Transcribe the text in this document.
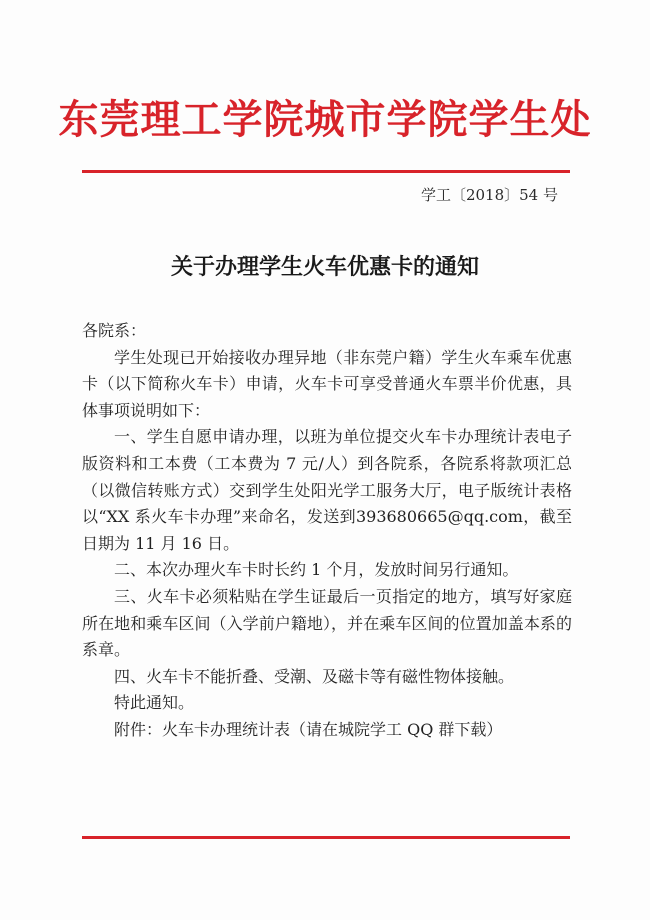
东莞理工学院城市学院学生处
学工〔2018〕54 号
关于办理学生火车优惠卡的通知

各院系：

学生处现已开始接收办理异地（非东莞户籍）学生火车乘车优惠卡（以下简称火车卡）申请，火车卡可享受普通火车票半价优惠，具体事项说明如下：

一、学生自愿申请办理，以班为单位提交火车卡办理统计表电子版资料和工本费（工本费为 7 元/人）到各院系，各院系将款项汇总（以微信转账方式）交到学生处阳光学工服务大厅，电子版统计表格以“XX 系火车卡办理”来命名，发送到393680665@qq.com，截至日期为 11 月 16 日。

二、本次办理火车卡时长约 1 个月，发放时间另行通知。

三、火车卡必须粘贴在学生证最后一页指定的地方，填写好家庭所在地和乘车区间（入学前户籍地），并在乘车区间的位置加盖本系的系章。

四、火车卡不能折叠、受潮、及磁卡等有磁性物体接触。

特此通知。

附件：火车卡办理统计表（请在城院学工 QQ 群下载）
